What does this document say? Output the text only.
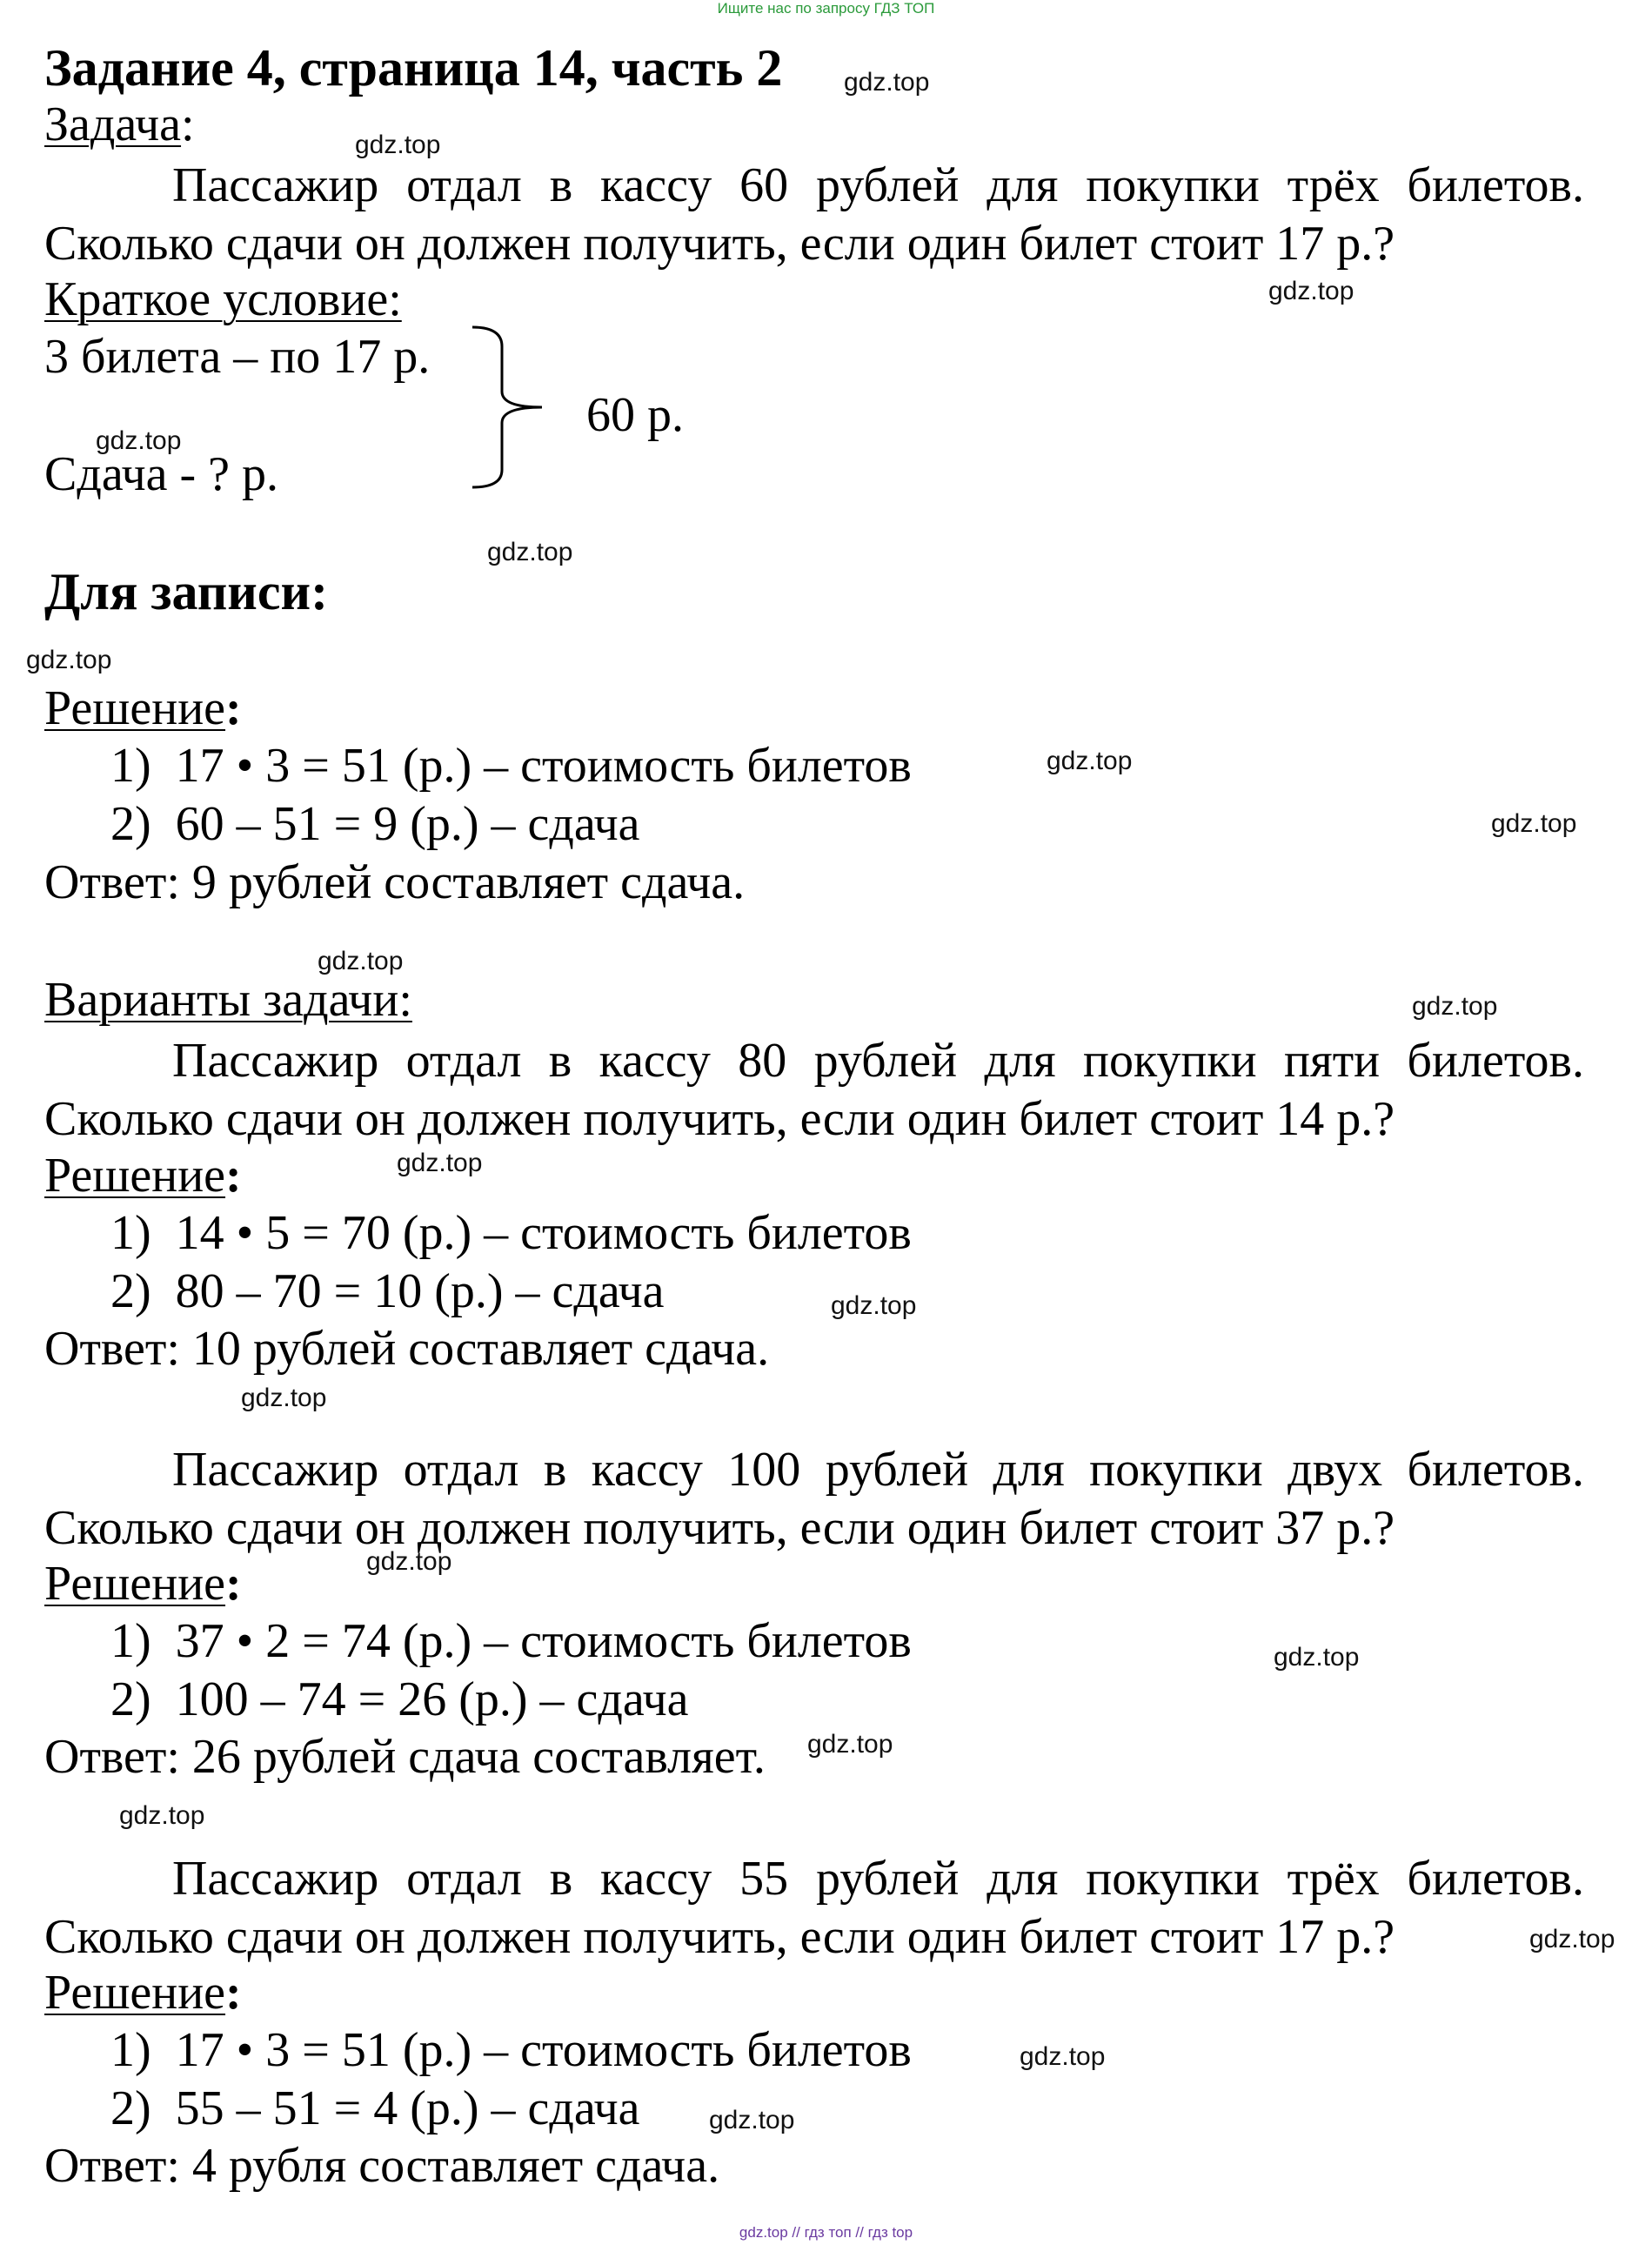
Ищите нас по запросу ГДЗ ТОП
gdz.top // гдз топ // гдз top
Задание 4, страница 14, часть 2
Задача:
Пассажир отдал в кассу 60 рублей для покупки трёх билетов.
Сколько сдачи он должен получить, если один билет стоит 17 р.?
Краткое условие:
3 билета – по 17 р.
Сдача - ? р.
60 р.
Для записи:
Решение:
1) 17 • 3 = 51 (р.) – стоимость билетов
2) 60 – 51 = 9 (р.) – сдача
Ответ: 9 рублей составляет сдача.
Варианты задачи:
Пассажир отдал в кассу 80 рублей для покупки пяти билетов.
Сколько сдачи он должен получить, если один билет стоит 14 р.?
Решение:
1) 14 • 5 = 70 (р.) – стоимость билетов
2) 80 – 70 = 10 (р.) – сдача
Ответ: 10 рублей составляет сдача.
Пассажир отдал в кассу 100 рублей для покупки двух билетов.
Сколько сдачи он должен получить, если один билет стоит 37 р.?
Решение:
1) 37 • 2 = 74 (р.) – стоимость билетов
2) 100 – 74 = 26 (р.) – сдача
Ответ: 26 рублей сдача составляет.
Пассажир отдал в кассу 55 рублей для покупки трёх билетов.
Сколько сдачи он должен получить, если один билет стоит 17 р.?
Решение:
1) 17 • 3 = 51 (р.) – стоимость билетов
2) 55 – 51 = 4 (р.) – сдача
Ответ: 4 рубля составляет сдача.
gdz.top
gdz.top
gdz.top
gdz.top
gdz.top
gdz.top
gdz.top
gdz.top
gdz.top
gdz.top
gdz.top
gdz.top
gdz.top
gdz.top
gdz.top
gdz.top
gdz.top
gdz.top
gdz.top
gdz.top
